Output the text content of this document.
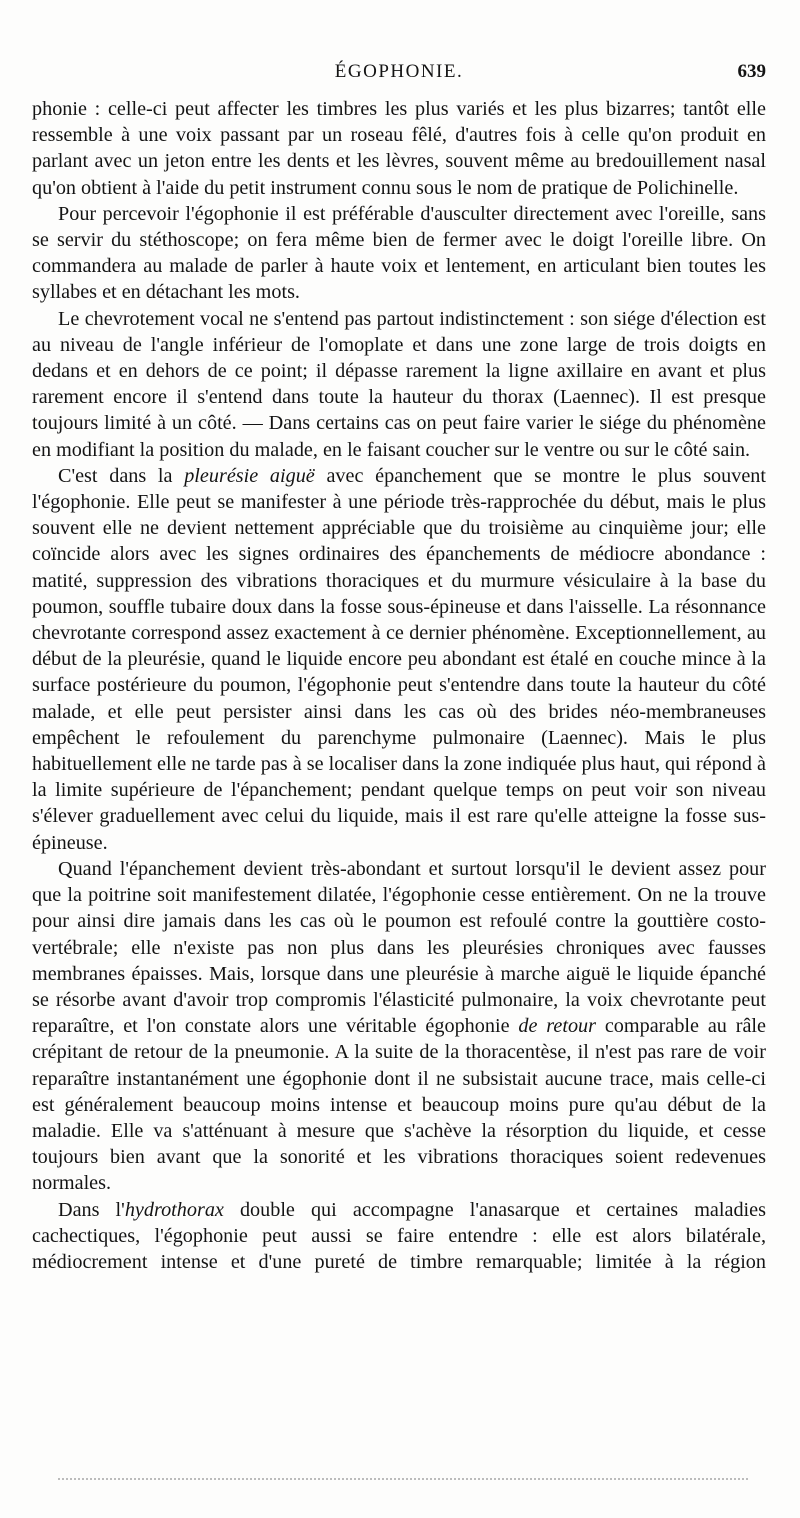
ÉGOPHONIE.	639

phonie : celle-ci peut affecter les timbres les plus variés et les plus bizarres; tantôt elle ressemble à une voix passant par un roseau fêlé, d'autres fois à celle qu'on produit en parlant avec un jeton entre les dents et les lèvres, souvent même au bredouillement nasal qu'on obtient à l'aide du petit instrument connu sous le nom de pratique de Polichinelle.

Pour percevoir l'égophonie il est préférable d'ausculter directement avec l'oreille, sans se servir du stéthoscope; on fera même bien de fermer avec le doigt l'oreille libre. On commandera au malade de parler à haute voix et lentement, en articulant bien toutes les syllabes et en détachant les mots.

Le chevrotement vocal ne s'entend pas partout indistinctement : son siége d'élection est au niveau de l'angle inférieur de l'omoplate et dans une zone large de trois doigts en dedans et en dehors de ce point; il dépasse rarement la ligne axillaire en avant et plus rarement encore il s'entend dans toute la hauteur du thorax (Laennec). Il est presque toujours limité à un côté. — Dans certains cas on peut faire varier le siége du phénomène en modifiant la position du malade, en le faisant coucher sur le ventre ou sur le côté sain.

C'est dans la pleurésie aiguë avec épanchement que se montre le plus souvent l'égophonie. Elle peut se manifester à une période très-rapprochée du début, mais le plus souvent elle ne devient nettement appréciable que du troisième au cinquième jour; elle coïncide alors avec les signes ordinaires des épanchements de médiocre abondance : matité, suppression des vibrations thoraciques et du murmure vésiculaire à la base du poumon, souffle tubaire doux dans la fosse sous-épineuse et dans l'aisselle. La résonnance chevrotante correspond assez exactement à ce dernier phénomène. Exceptionnellement, au début de la pleurésie, quand le liquide encore peu abondant est étalé en couche mince à la surface postérieure du poumon, l'égophonie peut s'entendre dans toute la hauteur du côté malade, et elle peut persister ainsi dans les cas où des brides néo-membraneuses empêchent le refoulement du parenchyme pulmonaire (Laennec). Mais le plus habituellement elle ne tarde pas à se localiser dans la zone indiquée plus haut, qui répond à la limite supérieure de l'épanchement; pendant quelque temps on peut voir son niveau s'élever graduellement avec celui du liquide, mais il est rare qu'elle atteigne la fosse sus-épineuse.

Quand l'épanchement devient très-abondant et surtout lorsqu'il le devient assez pour que la poitrine soit manifestement dilatée, l'égophonie cesse entièrement. On ne la trouve pour ainsi dire jamais dans les cas où le poumon est refoulé contre la gouttière costo-vertébrale; elle n'existe pas non plus dans les pleurésies chroniques avec fausses membranes épaisses. Mais, lorsque dans une pleurésie à marche aiguë le liquide épanché se résorbe avant d'avoir trop compromis l'élasticité pulmonaire, la voix chevrotante peut reparaître, et l'on constate alors une véritable égophonie de retour comparable au râle crépitant de retour de la pneumonie. A la suite de la thoracentèse, il n'est pas rare de voir reparaître instantanément une égophonie dont il ne subsistait aucune trace, mais celle-ci est généralement beaucoup moins intense et beaucoup moins pure qu'au début de la maladie. Elle va s'atténuant à mesure que s'achève la résorption du liquide, et cesse toujours bien avant que la sonorité et les vibrations thoraciques soient redevenues normales.

Dans l'hydrothorax double qui accompagne l'anasarque et certaines maladies cachectiques, l'égophonie peut aussi se faire entendre : elle est alors bilatérale, médiocrement intense et d'une pureté de timbre remarquable; limitée à la région
